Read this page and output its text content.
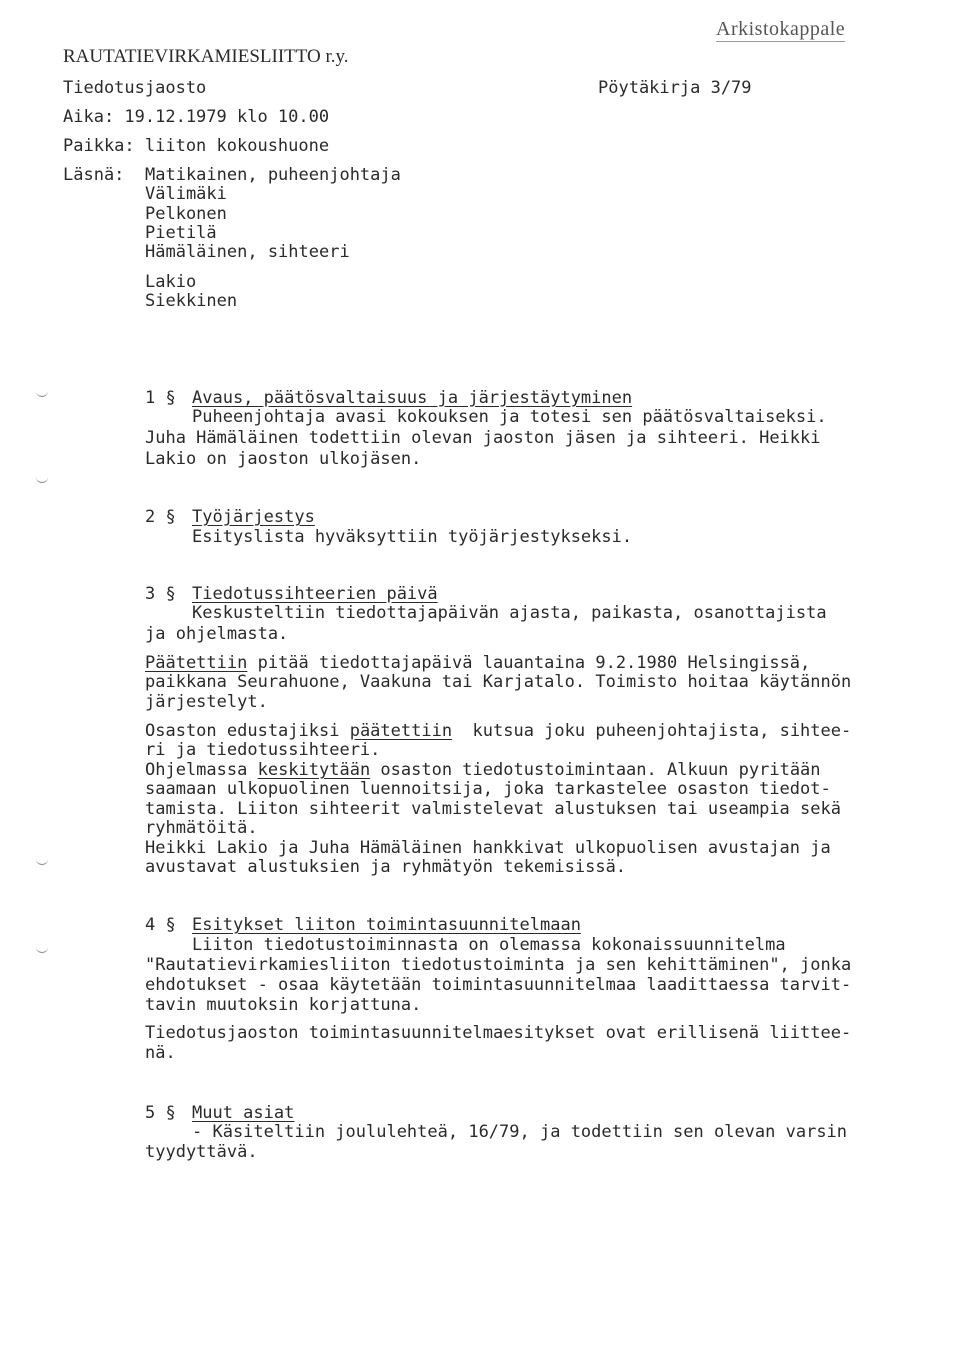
Arkistokappale
RAUTATIEVIRKAMIESLIITTO r.y.
Tiedotusjaosto	Pöytäkirja 3/79
Aika: 19.12.1979 klo 10.00
Paikka: liiton kokoushuone
Läsnä: Matikainen, puheenjohtaja
Välimäki
Pelkonen
Pietilä
Hämäläinen, sihteeri
Lakio
Siekkinen
1 § Avaus, päätösvaltaisuus ja järjestäytyminen
Puheenjohtaja avasi kokouksen ja totesi sen päätösvaltaiseksi.
Juha Hämäläinen todettiin olevan jaoston jäsen ja sihteeri. Heikki
Lakio on jaoston ulkojäsen.
2 § Työjärjestys
Esityslista hyväksyttiin työjärjestykseksi.
3 § Tiedotussihteerien päivä
Keskusteltiin tiedottajapäivän ajasta, paikasta, osanottajista
ja ohjelmasta.
Päätettiin pitää tiedottajapäivä lauantaina 9.2.1980 Helsingissä,
paikkana Seurahuone, Vaakuna tai Karjatalo. Toimisto hoitaa käytännön
järjestelyt.
Osaston edustajiksi päätettiin  kutsua joku puheenjohtajista, sihtee-
ri ja tiedotussihteeri.
Ohjelmassa keskitytään osaston tiedotustoimintaan. Alkuun pyritään
saamaan ulkopuolinen luennoitsija, joka tarkastelee osaston tiedot-
tamista. Liiton sihteerit valmistelevat alustuksen tai useampia sekä
ryhmätöitä.
Heikki Lakio ja Juha Hämäläinen hankkivat ulkopuolisen avustajan ja
avustavat alustuksien ja ryhmätyön tekemisissä.
4 § Esitykset liiton toimintasuunnitelmaan
Liiton tiedotustoiminnasta on olemassa kokonaissuunnitelma
"Rautatievirkamiesliiton tiedotustoiminta ja sen kehittäminen", jonka
ehdotukset - osaa käytetään toimintasuunnitelmaa laadittaessa tarvit-
tavin muutoksin korjattuna.
Tiedotusjaoston toimintasuunnitelmaesitykset ovat erillisenä liittee-
nä.
5 § Muut asiat
- Käsiteltiin joululehteä, 16/79, ja todettiin sen olevan varsin
tyydyttävä.
